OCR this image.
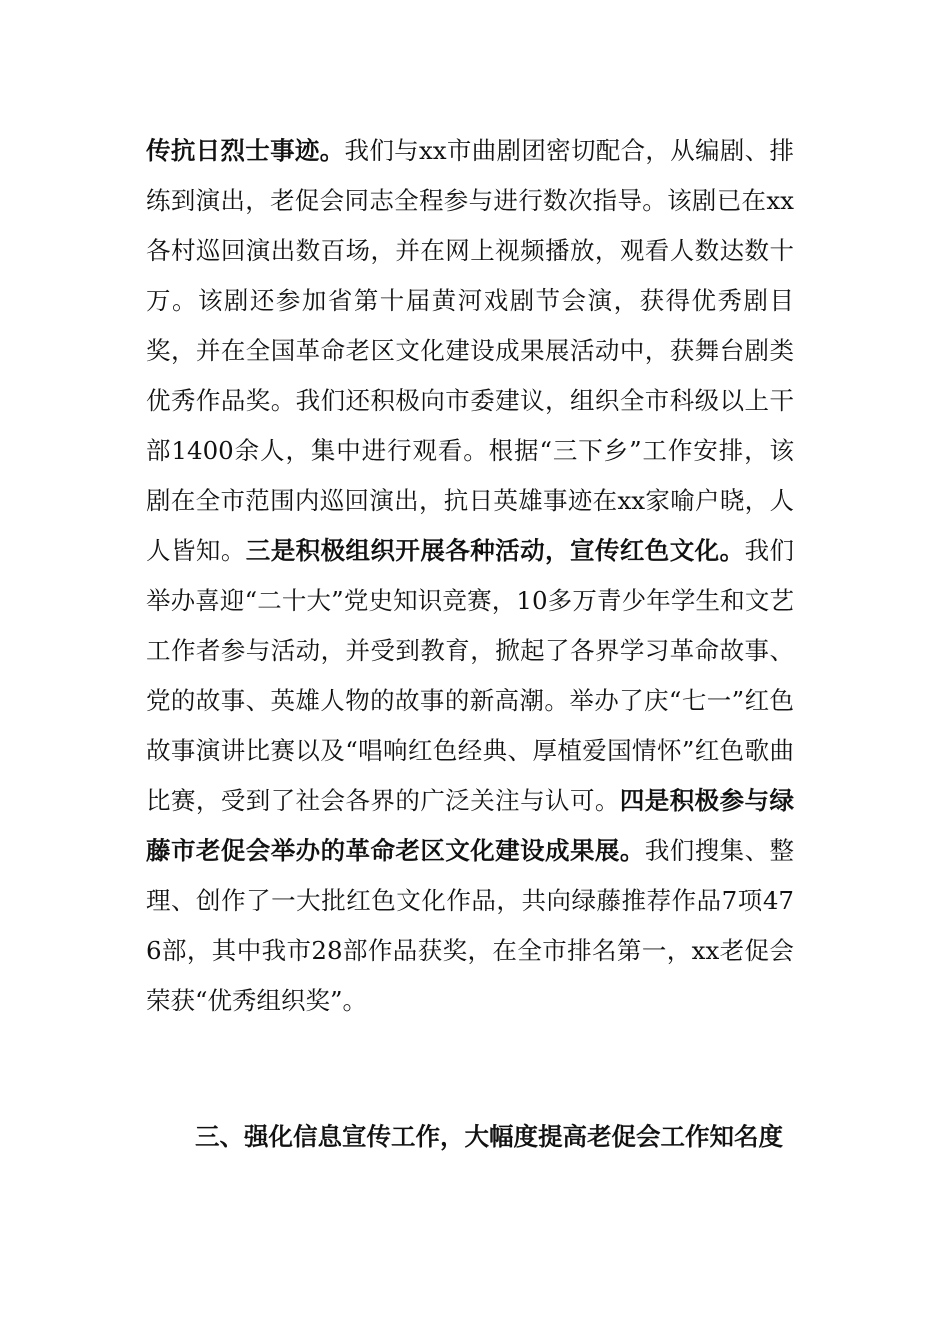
传抗日烈士事迹。我们与xx市曲剧团密切配合，从编剧、排练到演出，老促会同志全程参与进行数次指导。该剧已在xx各村巡回演出数百场，并在网上视频播放，观看人数达数十万。该剧还参加省第十届黄河戏剧节会演，获得优秀剧目奖，并在全国革命老区文化建设成果展活动中，获舞台剧类优秀作品奖。我们还积极向市委建议，组织全市科级以上干部1400余人，集中进行观看。根据“三下乡”工作安排，该剧在全市范围内巡回演出，抗日英雄事迹在xx家喻户晓，人人皆知。三是积极组织开展各种活动，宣传红色文化。我们举办喜迎“二十大”党史知识竞赛，10多万青少年学生和文艺工作者参与活动，并受到教育，掀起了各界学习革命故事、党的故事、英雄人物的故事的新高潮。举办了庆“七一”红色故事演讲比赛以及“唱响红色经典、厚植爱国情怀”红色歌曲比赛，受到了社会各界的广泛关注与认可。四是积极参与绿藤市老促会举办的革命老区文化建设成果展。我们搜集、整理、创作了一大批红色文化作品，共向绿藤推荐作品7项476部，其中我市28部作品获奖，在全市排名第一，xx老促会荣获“优秀组织奖”。

三、强化信息宣传工作，大幅度提高老促会工作知名度
